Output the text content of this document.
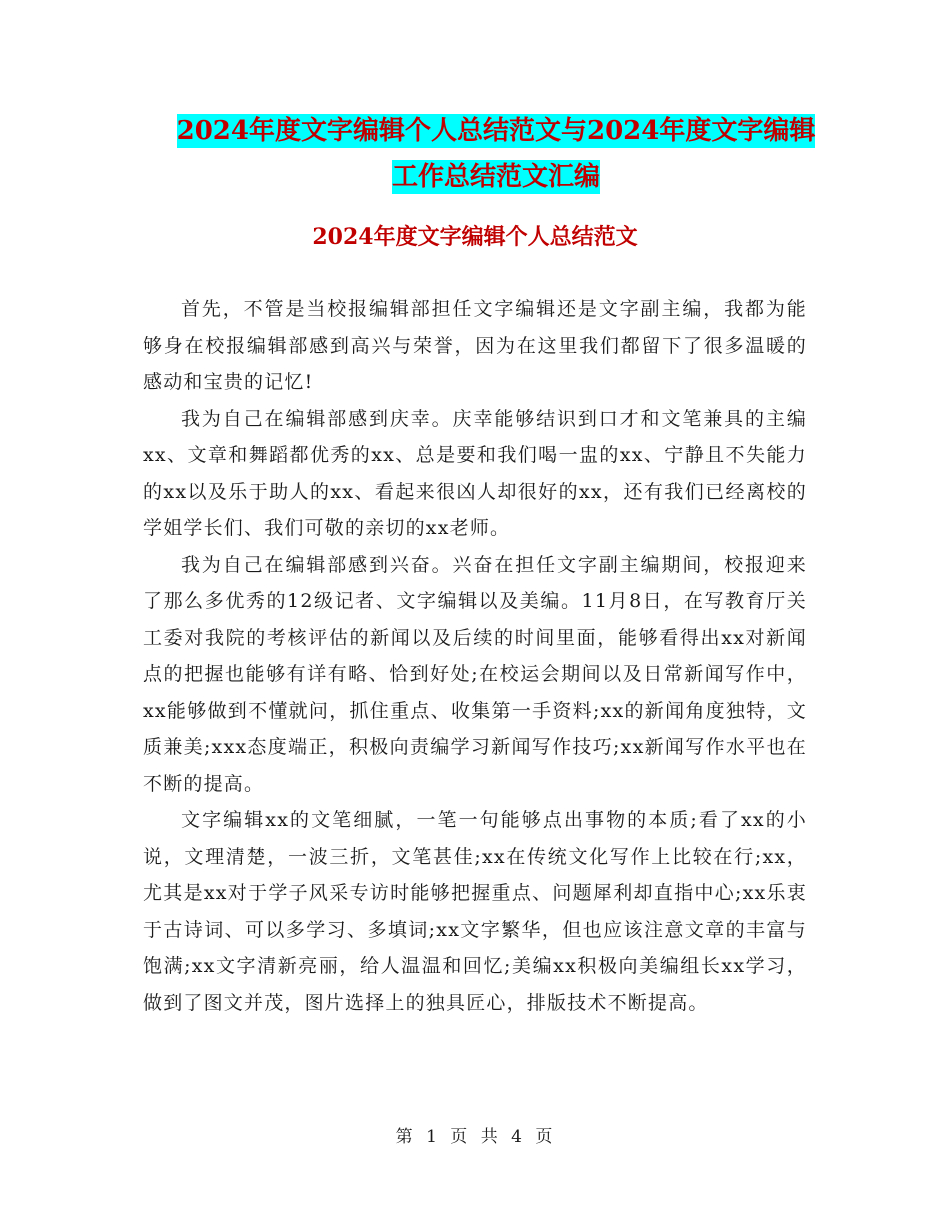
2024年度文字编辑个人总结范文与2024年度文字编辑
工作总结范文汇编
2024年度文字编辑个人总结范文

首先，不管是当校报编辑部担任文字编辑还是文字副主编，我都为能够身在校报编辑部感到高兴与荣誉，因为在这里我们都留下了很多温暖的感动和宝贵的记忆!

我为自己在编辑部感到庆幸。庆幸能够结识到口才和文笔兼具的主编xx、文章和舞蹈都优秀的xx、总是要和我们喝一盅的xx、宁静且不失能力的xx以及乐于助人的xx、看起来很凶人却很好的xx，还有我们已经离校的学姐学长们、我们可敬的亲切的xx老师。

我为自己在编辑部感到兴奋。兴奋在担任文字副主编期间，校报迎来了那么多优秀的12级记者、文字编辑以及美编。11月8日，在写教育厅关工委对我院的考核评估的新闻以及后续的时间里面，能够看得出xx对新闻点的把握也能够有详有略、恰到好处;在校运会期间以及日常新闻写作中，xx能够做到不懂就问，抓住重点、收集第一手资料;xx的新闻角度独特，文质兼美;xxx态度端正，积极向责编学习新闻写作技巧;xx新闻写作水平也在不断的提高。

文字编辑xx的文笔细腻，一笔一句能够点出事物的本质;看了xx的小说，文理清楚，一波三折，文笔甚佳;xx在传统文化写作上比较在行;xx，尤其是xx对于学子风采专访时能够把握重点、问题犀利却直指中心;xx乐衷于古诗词、可以多学习、多填词;xx文字繁华，但也应该注意文章的丰富与饱满;xx文字清新亮丽，给人温温和回忆;美编xx积极向美编组长xx学习，做到了图文并茂，图片选择上的独具匠心，排版技术不断提高。

第 1 页 共 4 页
